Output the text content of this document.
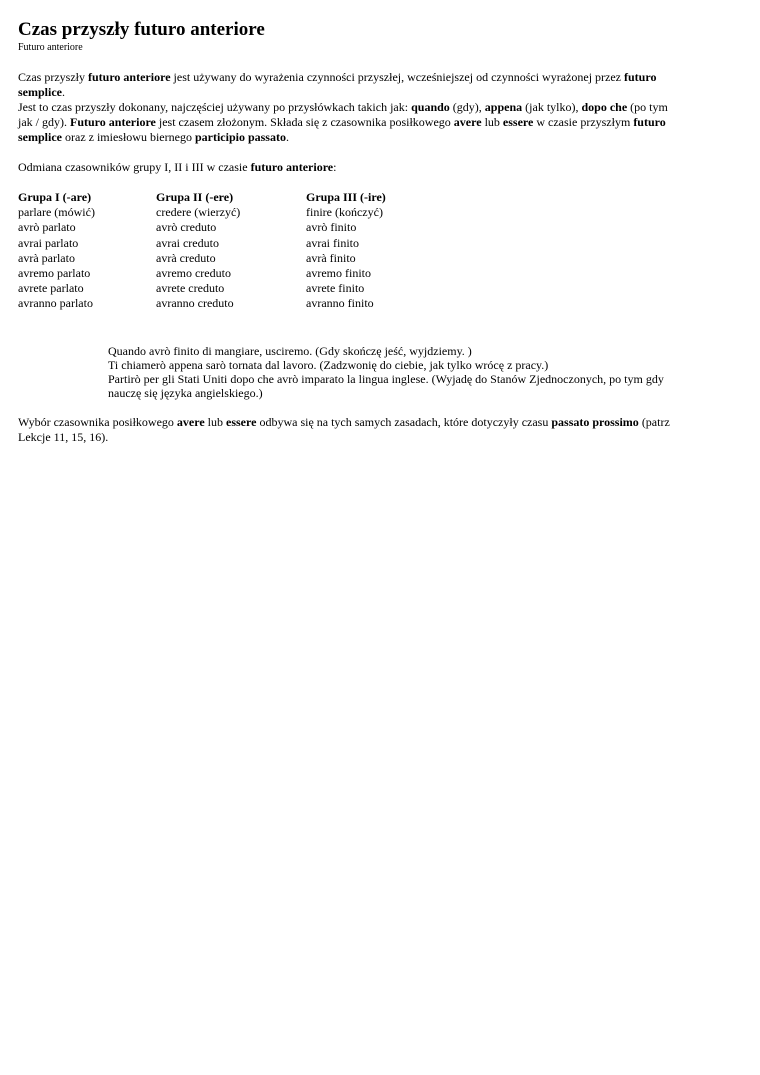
Czas przyszły futuro anteriore

Futuro anteriore

Czas przyszły futuro anteriore jest używany do wyrażenia czynności przyszłej, wcześniejszej od czynności wyrażonej przez futuro semplice.
Jest to czas przyszły dokonany, najczęściej używany po przysłówkach takich jak: quando (gdy), appena (jak tylko), dopo che (po tym jak / gdy). Futuro anteriore jest czasem złożonym. Składa się z czasownika posiłkowego avere lub essere w czasie przyszłym futuro semplice oraz z imiesłowu biernego participio passato.

Odmiana czasowników grupy I, II i III w czasie futuro anteriore:

Grupa I (-are)	Grupa II (-ere)	Grupa III (-ire)
parlare (mówić)	credere (wierzyć)	finire (kończyć)
avrò parlato	avrò creduto	avrò finito
avrai parlato	avrai creduto	avrai finito
avrà parlato	avrà creduto	avrà finito
avremo parlato	avremo creduto	avremo finito
avrete parlato	avrete creduto	avrete finito
avranno parlato	avranno creduto	avranno finito
Quando avrò finito di mangiare, usciremo. (Gdy skończę jeść, wyjdziemy. )
Ti chiamerò appena sarò tornata dal lavoro. (Zadzwonię do ciebie, jak tylko wrócę z pracy.)
Partirò per gli Stati Uniti dopo che avrò imparato la lingua inglese. (Wyjadę do Stanów Zjednoczonych, po tym gdy nauczę się języka angielskiego.)

Wybór czasownika posiłkowego avere lub essere odbywa się na tych samych zasadach, które dotyczyły czasu passato prossimo (patrz Lekcje 11, 15, 16).
